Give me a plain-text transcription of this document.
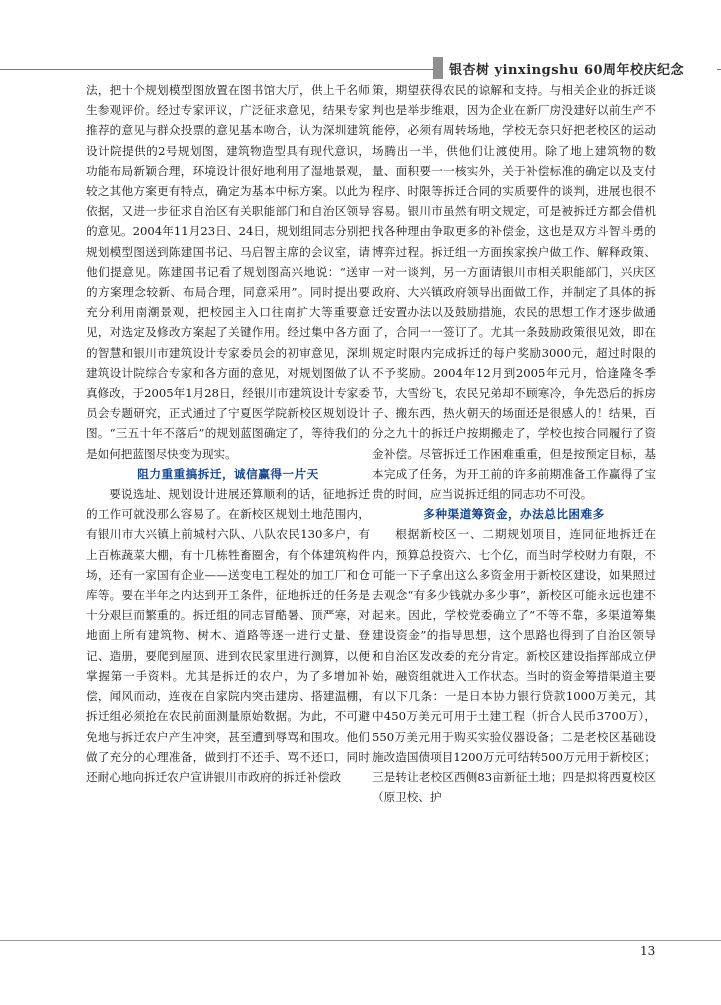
银杏树 yinxingshu 60周年校庆纪念

法，把十个规划模型图放置在图书馆大厅，供上千名师生参观评价。经过专家评议，广泛征求意见，结果专家推荐的意见与群众投票的意见基本吻合，认为深圳建筑设计院提供的2号规划图，建筑物造型具有现代意识，功能布局新颖合理，环境设计很好地利用了湿地景观，较之其他方案更有特点，确定为基本中标方案。以此为依据，又进一步征求自治区有关职能部门和自治区领导的意见。2004年11月23日、24日，规划组同志分别把规划模型图送到陈建国书记、马启智主席的会议室，请他们提意见。陈建国书记看了规划图高兴地说：“送审的方案理念较新、布局合理，同意采用”。同时提出要充分利用南潮景观，把校园主入口往南扩大等重要意见，对选定及修改方案起了关键作用。经过集中各方面的智慧和银川市建筑设计专家委员会的初审意见，深圳建筑设计院综合专家和各方面的意见，对规划图做了认真修改，于2005年1月28日，经银川市建筑设计专家委员会专题研究，正式通过了宁夏医学院新校区规划设计图。“三五十年不落后”的规划蓝图确定了，等待我们的是如何把蓝图尽快变为现实。

阻力重重搞拆迁，诚信赢得一片天

要说选址、规划设计进展还算顺利的话，征地拆迁的工作可就没那么容易了。在新校区规划土地范围内，有银川市大兴镇上前城村六队、八队农民130多户，有上百栋蔬菜大棚，有十几栋牲畜圈舍，有个体建筑构件场，还有一家国有企业——送变电工程处的加工厂和仓库等。要在半年之内达到开工条件，征地拆迁的任务是十分艰巨而繁重的。拆迁组的同志冒酷暑、顶严寒，对地面上所有建筑物、树木、道路等逐一进行丈量、登记、造册，要爬到屋顶、进到农民家里进行测算，以便掌握第一手资料。尤其是拆迁的农户，为了多增加补偿，闻风而动，连夜在自家院内突击建房、搭建温棚，拆迁组必须抢在农民前面测量原始数据。为此，不可避免地与拆迁农户产生冲突，甚至遭到辱骂和围攻。他们做了充分的心理准备，做到打不还手、骂不还口，同时还耐心地向拆迁农户宣讲银川市政府的拆迁补偿政

策，期望获得农民的谅解和支持。与相关企业的拆迁谈判也是举步维艰，因为企业在新厂房没建好以前生产不能停，必须有周转场地，学校无奈只好把老校区的运动场腾出一半，供他们让渡使用。除了地上建筑物的数量、面积要一一核实外，关于补偿标准的确定以及支付程序、时限等拆迁合同的实质要件的谈判，进展也很不容易。银川市虽然有明文规定，可是被拆迁方都会借机找各种理由争取更多的补偿金，这也是双方斗智斗勇的博弈过程。拆迁组一方面挨家挨户做工作、解释政策、一对一谈判，另一方面请银川市相关职能部门，兴庆区政府、大兴镇政府领导出面做工作，并制定了具体的拆迁安置办法以及鼓励措施，农民的思想工作才逐步做通了，合同一一签订了。尤其一条鼓励政策很见效，即在规定时限内完成拆迁的每户奖励3000元，超过时限的不予奖励。2004年12月到2005年元月，恰逢隆冬季节，大雪纷飞，农民兄弟却不顾寒冷，争先恐后的拆房子、搬东西，热火朝天的场面还是很感人的！结果，百分之九十的拆迁户按期搬走了，学校也按合同履行了资金补偿。尽管拆迁工作困难重重，但是按预定目标，基本完成了任务，为开工前的许多前期准备工作赢得了宝贵的时间，应当说拆迁组的同志功不可没。

多种渠道筹资金，办法总比困难多

根据新校区一、二期规划项目，连同征地拆迁在内，预算总投资六、七个亿，而当时学校财力有限，不可能一下子拿出这么多资金用于新校区建设，如果照过去观念“有多少钱就办多少事”，新校区可能永远也建不起来。因此，学校党委确立了“不等不靠，多渠道筹集建设资金”的指导思想，这个思路也得到了自治区领导和自治区发改委的充分肯定。新校区建设指挥部成立伊始，融资组就进入工作状态。当时的资金筹措渠道主要有以下几条：一是日本协力银行贷款1000万美元，其中450万美元可用于土建工程（折合人民币3700万），550万美元用于购买实验仪器设备；二是老校区基础设施改造国债项目1200万元可结转500万元用于新校区；三是转让老校区西侧83亩新征土地；四是拟将西夏校区（原卫校、护

13
